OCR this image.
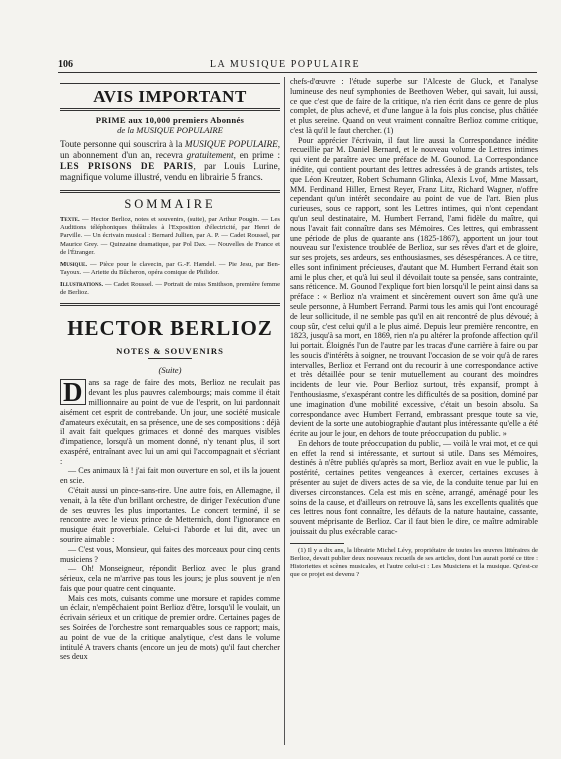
106	LA MUSIQUE POPULAIRE
AVIS IMPORTANT
PRIME aux 10,000 premiers Abonnés
de la MUSIQUE POPULAIRE

Toute personne qui souscrira à la MUSIQUE POPULAIRE, un abonnement d'un an, recevra gratuitement, en prime : LES PRISONS DE PARIS, par Louis Lurine, magnifique volume illustré, vendu en librairie 5 francs.

SOMMAIRE

Texte. — Hector Berlioz, notes et souvenirs, (suite), par Arthur Pougin. — Les Auditions téléphoniques théâtrales à l'Exposition d'électricité, par Henri de Parville. — Un écrivain musical : Bernard Jullien, par A. P. — Cadet Roussel, par Maurice Grey. — Quinzaine dramatique, par Pol Dax. — Nouvelles de France et de l'Étranger.

Musique. — Pièce pour le clavecin, par G.-F. Hændel. — Pie Jesu, par Ben-Tayoux. — Ariette du Bûcheron, opéra comique de Philidor.

Illustrations. — Cadet Roussel. — Portrait de miss Smithson, première femme de Berlioz.

HECTOR BERLIOZ
NOTES & SOUVENIRS
(Suite)

D ans sa rage de faire des mots, Berlioz ne reculait pas devant les plus pauvres calembourgs; mais comme il était millionnaire au point de vue de l'esprit, on lui pardonnait aisément cet esprit de contrebande. Un jour, une société musicale d'amateurs exécutait, en sa présence, une de ses compositions : déjà il avait fait quelques grimaces et donné des marques visibles d'impatience, lorsqu'à un moment donné, n'y tenant plus, il sort exaspéré, entraînant avec lui un ami qui l'accompagnait et s'écriant :

— Ces animaux là ! j'ai fait mon ouverture en sol, et ils la jouent en scie.

C'était aussi un pince-sans-rire. Une autre fois, en Allemagne, il venait, à la tête d'un brillant orchestre, de diriger l'exécution d'une de ses œuvres les plus importantes. Le concert terminé, il se rencontre avec le vieux prince de Metternich, dont l'ignorance en musique était proverbiale. Celui-ci l'aborde et lui dit, avec un sourire aimable :

— C'est vous, Monsieur, qui faites des morceaux pour cinq cents musiciens ?

— Oh! Monseigneur, répondit Berlioz avec le plus grand sérieux, cela ne m'arrive pas tous les jours; je plus souvent je n'en fais que pour quatre cent cinquante.

Mais ces mots, cuisants comme une morsure et rapides comme un éclair, n'empêchaient point Berlioz d'être, lorsqu'il le voulait, un écrivain sérieux et un critique de premier ordre. Certaines pages de ses Soirées de l'orchestre sont remarquables sous ce rapport; mais, au point de vue de la critique analytique, c'est dans le volume intitulé A travers chants (encore un jeu de mots) qu'il faut chercher ses deux

chefs-d'œuvre : l'étude superbe sur l'Alceste de Gluck, et l'analyse lumineuse des neuf symphonies de Beethoven Weber, qui savait, lui aussi, ce que c'est que de faire de la critique, n'a rien écrit dans ce genre de plus complet, de plus achevé, et d'une langue à la fois plus concise, plus châtiée et plus sereine. Quand on veut vraiment connaître Berlioz comme critique, c'est là qu'il le faut chercher. (1)

Pour apprécier l'écrivain, il faut lire aussi la Correspondance inédite recueillie par M. Daniel Bernard, et le nouveau volume de Lettres intimes qui vient de paraître avec une préface de M. Gounod. La Correspondance inédite, qui contient pourtant des lettres adressées à de grands artistes, tels que Léon Kreutzer, Robert Schumann Glinka, Alexis Lvof, Mme Massart, MM. Ferdinand Hiller, Ernest Reyer, Franz Litz, Richard Wagner, n'offre cependant qu'un intérêt secondaire au point de vue de l'art. Bien plus curieuses, sous ce rapport, sont les Lettres intimes, qui n'ont cependant qu'un seul destinataire, M. Humbert Ferrand, l'ami fidèle du maître, qui nous l'avait fait connaître dans ses Mémoires. Ces lettres, qui embrassent une période de plus de quarante ans (1825-1867), apportent un jour tout nouveau sur l'existence troublée de Berlioz, sur ses rêves d'art et de gloire, sur ses projets, ses ardeurs, ses enthousiasmes, ses désespérances. A ce titre, elles sont infiniment précieuses, d'autant que M. Humbert Ferrand était son ami le plus cher, et qu'à lui seul il dévoilait toute sa pensée, sans contrainte, sans réticence. M. Gounod l'explique fort bien lorsqu'il le peint ainsi dans sa préface : « Berlioz n'a vraiment et sincèrement ouvert son âme qu'à une seule personne, à Humbert Ferrand. Parmi tous les amis qui l'ont encouragé de leur sollicitude, il ne semble pas qu'il en ait rencontré de plus dévoué; à coup sûr, c'est celui qu'il a le plus aimé. Depuis leur première rencontre, en 1823, jusqu'à sa mort, en 1869, rien n'a pu altérer la profonde affection qu'il lui portait. Éloignés l'un de l'autre par les tracas d'une carrière à faire ou par les soucis d'intérêts à soigner, ne trouvant l'occasion de se voir qu'à de rares intervalles, Berlioz et Ferrand ont du recourir à une correspondance active et très détaillée pour se tenir mutuellement au courant des moindres incidents de leur vie. Pour Berlioz surtout, très expansif, prompt à l'enthousiasme, s'exaspérant contre les difficultés de sa position, dominé par une imagination d'une mobilité excessive, c'était un besoin absolu. Sa correspondance avec Humbert Ferrand, embrassant presque toute sa vie, devient de la sorte une autobiographie d'autant plus intéressante qu'elle a été écrite au jour le jour, en dehors de toute préoccupation du public. »

En dehors de toute préoccupation du public, — voilà le vrai mot, et ce qui en effet la rend si intéressante, et surtout si utile. Dans ses Mémoires, destinés à n'être publiés qu'après sa mort, Berlioz avait en vue le public, la postérité, certaines petites vengeances à exercer, certaines excuses à présenter au sujet de divers actes de sa vie, de la conduite tenue par lui en diverses circonstances. Cela est mis en scène, arrangé, aménagé pour les soins de la cause, et d'ailleurs on retrouve là, sans les excellents qualités que ces lettres nous font connaître, les défauts de la nature hautaine, cassante, souvent méprisante de Berlioz. Car il faut bien le dire, ce maître admirable jouissait du plus exécrable carac-

(1) Il y a dix ans, la librairie Michel Lévy, propriétaire de toutes les œuvres littéraires de Berlioz, devait publier deux nouveaux recueils de ses articles, dont l'un aurait porté ce titre : Historiettes et scènes musicales, et l'autre celui-ci : Les Musiciens et la musique. Qu'est-ce que ce projet est devenu ?
